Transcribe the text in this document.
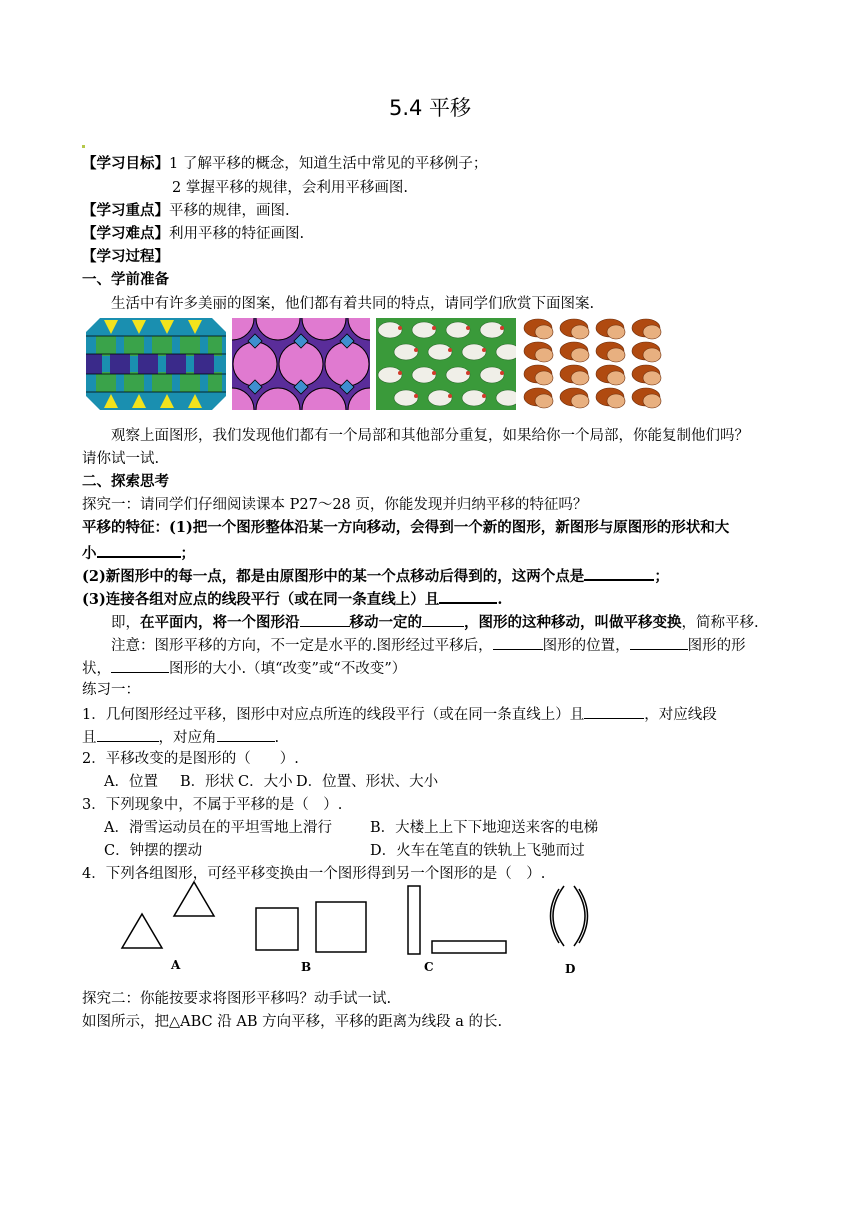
5.4 平移
【学习目标】1 了解平移的概念，知道生活中常见的平移例子；
2 掌握平移的规律，会利用平移画图.
【学习重点】平移的规律，画图.
【学习难点】利用平移的特征画图.
【学习过程】
一、学前准备
生活中有许多美丽的图案，他们都有着共同的特点，请同学们欣赏下面图案.
观察上面图形，我们发现他们都有一个局部和其他部分重复，如果给你一个局部，你能复制他们吗？
请你试一试.
二、探索思考
探究一：请同学们仔细阅读课本 P27～28 页，你能发现并归纳平移的特征吗？
平移的特征：(1)把一个图形整体沿某一方向移动，会得到一个新的图形，新图形与原图形的形状和大
小	；
(2)新图形中的每一点，都是由原图形中的某一个点移动后得到的，这两个点是	；
(3)连接各组对应点的线段平行（或在同一条直线上）且	.
即，在平面内，将一个图形沿	移动一定的	，图形的这种移动，叫做平移变换，简称平移.
注意：图形平移的方向，不一定是水平的.图形经过平移后，	图形的位置，	图形的形
状，	图形的大小.（填“改变”或“不改变”）
练习一：
1．几何图形经过平移，图形中对应点所连的线段平行（或在同一条直线上）且	，对应线段
且	，对应角	.
2．平移改变的是图形的（　　）.
A．位置 B．形状 C．大小 D．位置、形状、大小
3．下列现象中，不属于平移的是（　）.
A．滑雪运动员在的平坦雪地上滑行	B．大楼上上下下地迎送来客的电梯
C．钟摆的摆动	D．火车在笔直的铁轨上飞驰而过
4．下列各组图形，可经平移变换由一个图形得到另一个图形的是（　）.
A	B	C	D
探究二：你能按要求将图形平移吗？动手试一试.
如图所示，把△ABC 沿 AB 方向平移，平移的距离为线段 a 的长.
